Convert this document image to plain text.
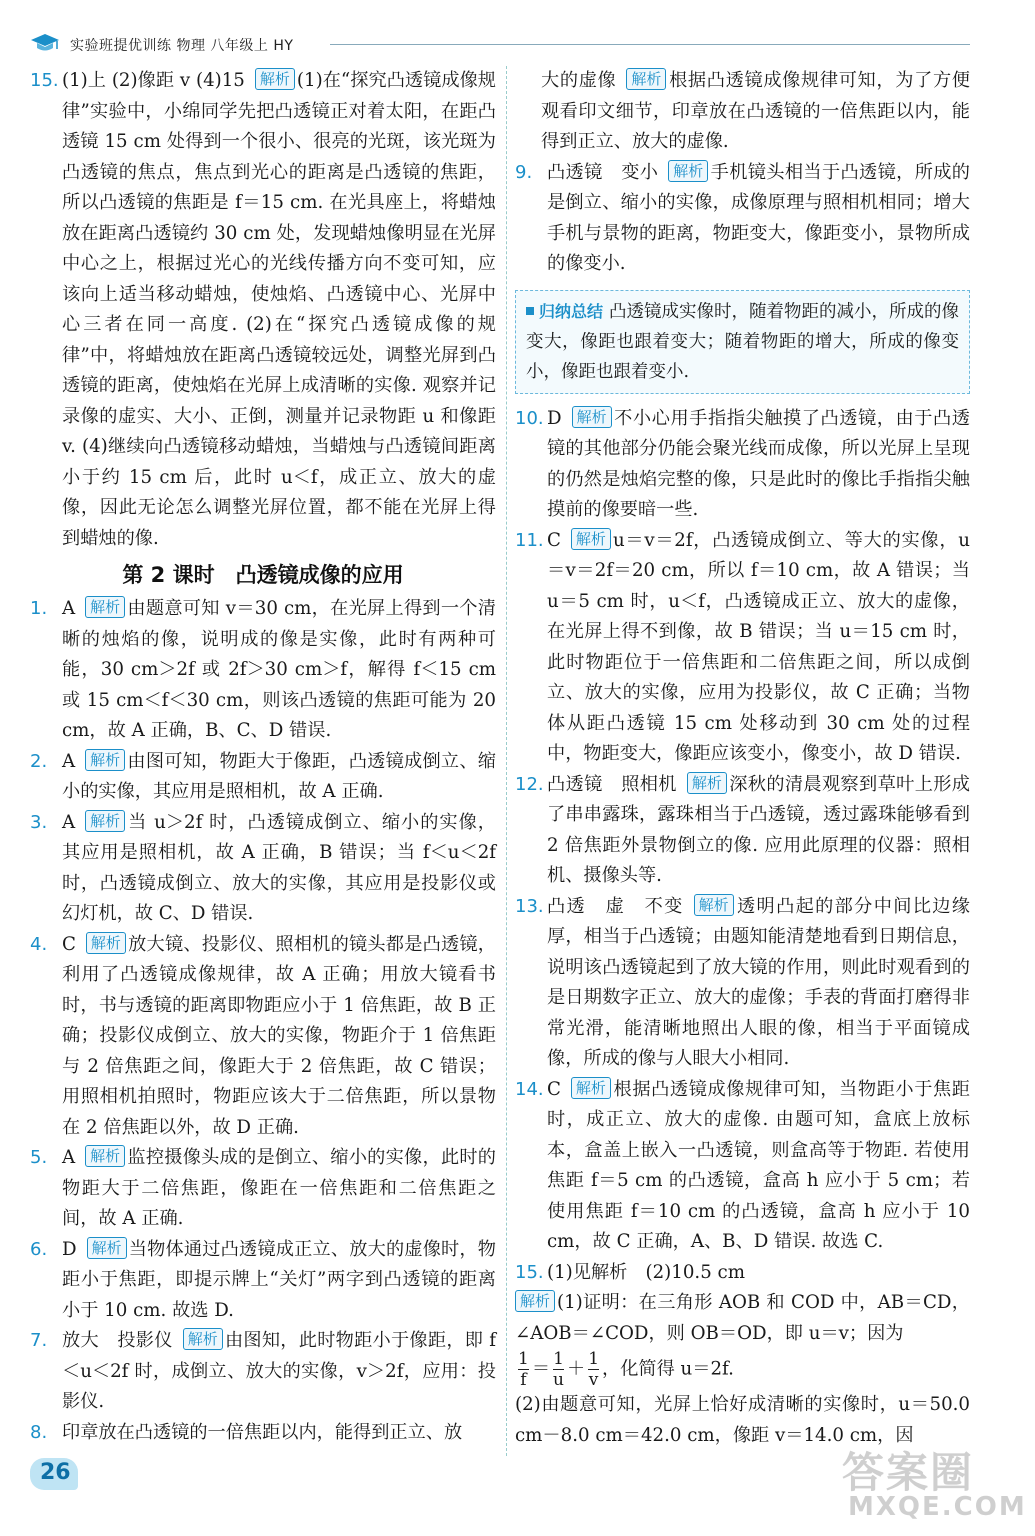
实验班提优训练 物理 八年级上 HY

15. (1)上 (2)像距 v (4)15 解析 (1)在“探究凸透镜成像规律”实验中，小绵同学先把凸透镜正对着太阳，在距凸透镜 15 cm 处得到一个很小、很亮的光斑，该光斑为凸透镜的焦点，焦点到光心的距离是凸透镜的焦距，所以凸透镜的焦距是 f＝15 cm. 在光具座上，将蜡烛放在距离凸透镜约 30 cm 处，发现蜡烛像明显在光屏中心之上，根据过光心的光线传播方向不变可知，应该向上适当移动蜡烛，使烛焰、凸透镜中心、光屏中心三者在同一高度. (2)在“探究凸透镜成像的规律”中，将蜡烛放在距离凸透镜较远处，调整光屏到凸透镜的距离，使烛焰在光屏上成清晰的实像. 观察并记录像的虚实、大小、正倒，测量并记录物距 u 和像距 v. (4)继续向凸透镜移动蜡烛，当蜡烛与凸透镜间距离小于约 15 cm 后，此时 u＜f，成正立、放大的虚像，因此无论怎么调整光屏位置，都不能在光屏上得到蜡烛的像.

第 2 课时　凸透镜成像的应用

1. A 解析 由题意可知 v＝30 cm，在光屏上得到一个清晰的烛焰的像，说明成的像是实像，此时有两种可能，30 cm＞2f 或 2f＞30 cm＞f，解得 f＜15 cm 或 15 cm＜f＜30 cm，则该凸透镜的焦距可能为 20 cm，故 A 正确，B、C、D 错误.

2. A 解析 由图可知，物距大于像距，凸透镜成倒立、缩小的实像，其应用是照相机，故 A 正确.

3. A 解析 当 u＞2f 时，凸透镜成倒立、缩小的实像，其应用是照相机，故 A 正确，B 错误；当 f＜u＜2f 时，凸透镜成倒立、放大的实像，其应用是投影仪或幻灯机，故 C、D 错误.

4. C 解析 放大镜、投影仪、照相机的镜头都是凸透镜，利用了凸透镜成像规律，故 A 正确；用放大镜看书时，书与透镜的距离即物距应小于 1 倍焦距，故 B 正确；投影仪成倒立、放大的实像，物距介于 1 倍焦距与 2 倍焦距之间，像距大于 2 倍焦距，故 C 错误；用照相机拍照时，物距应该大于二倍焦距，所以景物在 2 倍焦距以外，故 D 正确.

5. A 解析 监控摄像头成的是倒立、缩小的实像，此时的物距大于二倍焦距，像距在一倍焦距和二倍焦距之间，故 A 正确.

6. D 解析 当物体通过凸透镜成正立、放大的虚像时，物距小于焦距，即提示牌上“关灯”两字到凸透镜的距离小于 10 cm. 故选 D.

7. 放大　投影仪 解析 由图知，此时物距小于像距，即 f＜u＜2f 时，成倒立、放大的实像，v＞2f，应用：投影仪.

8. 印章放在凸透镜的一倍焦距以内，能得到正立、放

大的虚像 解析 根据凸透镜成像规律可知，为了方便观看印文细节，印章放在凸透镜的一倍焦距以内，能得到正立、放大的虚像.

9. 凸透镜　变小 解析 手机镜头相当于凸透镜，所成的是倒立、缩小的实像，成像原理与照相机相同；增大手机与景物的距离，物距变大，像距变小，景物所成的像变小.

归纳总结 凸透镜成实像时，随着物距的减小，所成的像变大，像距也跟着变大；随着物距的增大，所成的像变小，像距也跟着变小.

10. D 解析 不小心用手指指尖触摸了凸透镜，由于凸透镜的其他部分仍能会聚光线而成像，所以光屏上呈现的仍然是烛焰完整的像，只是此时的像比手指指尖触摸前的像要暗一些.

11. C 解析 u＝v＝2f，凸透镜成倒立、等大的实像，u＝v＝2f＝20 cm，所以 f＝10 cm，故 A 错误；当 u＝5 cm 时，u＜f，凸透镜成正立、放大的虚像，在光屏上得不到像，故 B 错误；当 u＝15 cm 时，此时物距位于一倍焦距和二倍焦距之间，所以成倒立、放大的实像，应用为投影仪，故 C 正确；当物体从距凸透镜 15 cm 处移动到 30 cm 处的过程中，物距变大，像距应该变小，像变小，故 D 错误.

12. 凸透镜　照相机 解析 深秋的清晨观察到草叶上形成了串串露珠，露珠相当于凸透镜，透过露珠能够看到 2 倍焦距外景物倒立的像. 应用此原理的仪器：照相机、摄像头等.

13. 凸透　虚　不变 解析 透明凸起的部分中间比边缘厚，相当于凸透镜；由题知能清楚地看到日期信息，说明该凸透镜起到了放大镜的作用，则此时观看到的是日期数字正立、放大的虚像；手表的背面打磨得非常光滑，能清晰地照出人眼的像，相当于平面镜成像，所成的像与人眼大小相同.

14. C 解析 根据凸透镜成像规律可知，当物距小于焦距时，成正立、放大的虚像. 由题可知，盒底上放标本，盒盖上嵌入一凸透镜，则盒高等于物距. 若使用焦距 f＝5 cm 的凸透镜，盒高 h 应小于 5 cm；若使用焦距 f＝10 cm 的凸透镜，盒高 h 应小于 10 cm，故 C 正确，A、B、D 错误. 故选 C.

15. (1)见解析　(2)10.5 cm

解析 (1)证明：在三角形 AOB 和 COD 中，AB＝CD，∠AOB＝∠COD，则 OB＝OD，即 u＝v；因为

$\frac{1}{f} = \frac{1}{u} + \frac{1}{v}$ ，化简得 u＝2f.

(2)由题意可知，光屏上恰好成清晰的实像时，u＝50.0 cm－8.0 cm＝42.0 cm，像距 v＝14.0 cm，因

26	答案圈
MXQE.COM
